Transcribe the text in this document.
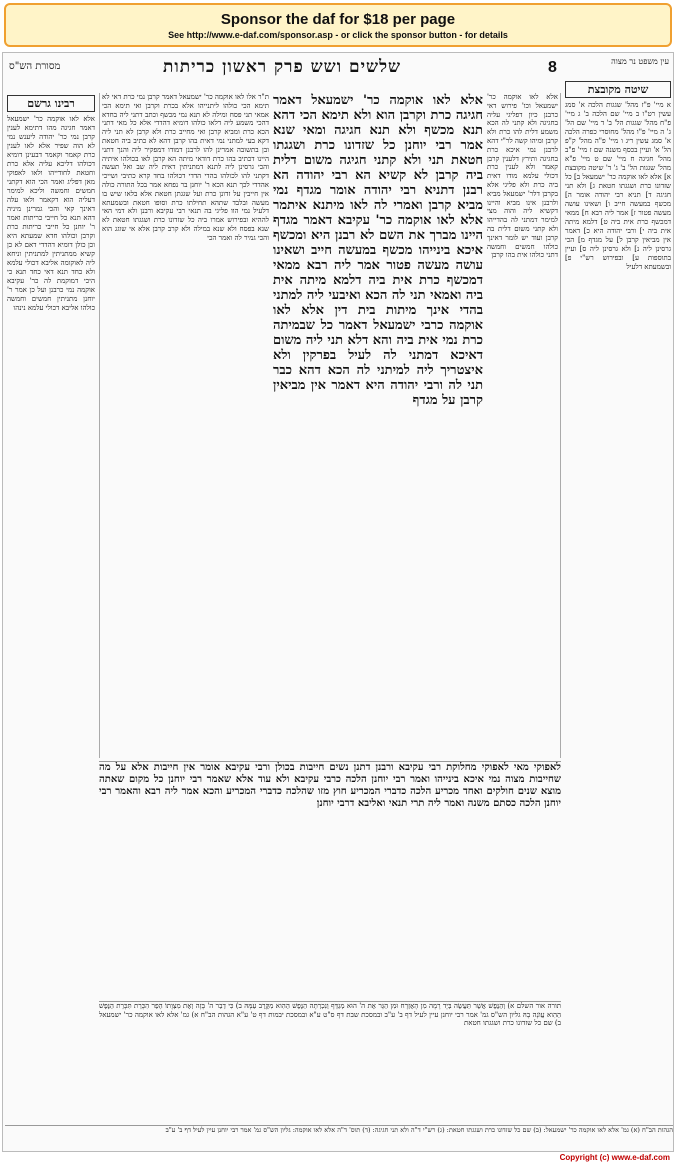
Sponsor the daf for $18 per page
See http://www.e-daf.com/sponsor.asp - or click the sponsor button - for details
מסורת הש"ס	שלשים ושש פרק ראשון כריתות	8	עין משפט נר מצוה
רבינו גרשם
אלא לאו אוקמה כר' ישמעאל דאמר חגיגה מהו דתימא לענין קרבן נמי כר' יהודה ליענש נמי לא הוה שפיר אלא לאו לענין כרת קאמר וקאמר דבעינן דומיא דכולהו דליכא עליה אלא כרת וחטאת לחודייהו ולאו לאפוקי מאן דפליג ואמר הכי הוא דקתני חמשים וחמשה וליכא למימר דעליה הוא דקאמר ולאו עלה דאינך קאי והכי גמרינן מיניה דהא תנא כל חייבי כריתות ואמר ר' יוחנן כל חייבי כריתות כרת וקרבן וכולהו חדא שמעתא היא וכן כולן דומיא דהדדי דאם לא כן קשיא ממתניתין למתניתין וניחא ליה לאוקומה אליבא דכולי עלמא ולא כחד תנא דאי כחד תנא כי היכי דמוקמת לה כר' עקיבא אוקמה נמי כרבנן ועל כן אמר ר' יוחנן מתניתין חמשים וחמשה כולהו אליבא דכולי עלמא נינהו
ת"ר אלו לאו אוקמה כר' ישמעאל דאמר קרבן נמי כרת דאי לא תימא הכי כולהו ליתנייהו אלא בכרת וקרבן ואי תימא הכי אמאי תני פסח ומילה לא תנא נמי מכשף וכתב דתני ליה בחדא דהכי משמע ליה דלאו כולהו דומיא דהדדי אלא כל מאי דתני הכא כרת ומביא קרבן ואי מחייב כרת ולא קרבן לא תני ליה דקא בעי למתני נמי דאית בהו קרבן דהא לא כתיב ביה חטאת ובן בתשובה אמרינן להו לרבנן דמודו דמפקיר ליה והנך דתני היינו דכתיב בהו כרת דודאי מיתה הא קרבן לאו בכולהו איתיה והכי גרסינן ליה לתנא דמתניתין דאית ליה שב ואל תעשה דקתני להו לכולהו בהדי הדדי דכולהו בחד קרא כתיבי ושייכי אהדדי לכך תנא הכא ר' יוחנן בר נפחא אמר בכל התורה כולה אין חייבין על זדונן כרת ועל שגגתן חטאת אלא בלאו שיש בו מעשה ובלבד שתהא תחילתו כרת וסופו חטאת ובשמעתא דלעיל נמי הוו פליגי בה תנאי רבי עקיבא ורבנן ולא דמי האי לההיא ובפירוש אמרו ביה כל שזדונו כרת ושגגתו חטאת לא שנא בפסח ולא שנא במילה ולא קרב קרבן אלא אי שוגג הוא והכי גמיר לה ואמר הכי
אלא לאו אוקמה כר' ישמעאל דאמר חגיגה כרת וקרבן הוא ולא תימא הכי דהא תנא מכשף ולא תנא חגיגה ומאי שנא אמר רבי יוחנן כל שזדונו כרת ושגגתו חטאת תני ולא קתני חגיגה משום דלית ביה קרבן לא קשיא הא רבי יהודה הא רבנן דתניא רבי יהודה אומר מגדף נמי מביא קרבן ואמרי לה לאו מיתנא איתמר אלא לאו אוקמה כר' עקיבא דאמר מגדף היינו מברך את השם לא רבנן היא ומכשף איכא בינייהו מכשף במעשה חייב ושאינו עושה מעשה פטור אמר ליה רבא ממאי דמכשף כרת אית ביה דלמא מיתה אית ביה ואמאי תני לה הכא ואיבעי ליה למתני בהדי אינך מיתות בית דין אלא לאו אוקמה כרבי ישמעאל דאמר כל שבמיתה כרת נמי אית ביה והא דלא תני ליה משום דאיכא דמתני לה לעיל בפרקין ולא איצטריך ליה למיתני לה הכא דהא כבר תני לה ורבי יהודה היא דאמר אין מביאין קרבן על מגדף
אלא לאו אוקמה כר' ישמעאל וכו' פירוש דאי כרבנן כיון דפליגי עליה בחגיגה ולא קתני לה הכא משמע דלית להו כרת ולא קרבן ומיהו קשה לר"י דהא לרבנן נמי איכא כרת בחגיגה ותירץ דלענין קרבן קאמר ולא לענין כרת דכולי עלמא מודו דאית ביה כרת ולא פליגי אלא בקרבן דלר' ישמעאל מביא ולרבנן אינו מביא והיינו דקשיא ליה והוה מצי למימר דמתני לה בהדייהו ולא קתני משום דלית בה קרבן ועוד יש לומר דאינך כולהו חמשים וחמשה דתני כולהו אית בהו קרבן
שיטה מקובצת
א מיי' פ"ז מהל' שגגות הלכה א' סמג עשין רט"ו ב מיי' שם הלכה ב' ג מיי' פ"ח מהל' שגגות הל' ב' ד מיי' שם הל' ג' ה מיי' פ"ו מהל' מחוסרי כפרה הלכה א' סמג עשין ריג ו מיי' פ"ה מהל' ק"פ הל' א' ועיין בכסף משנה שם ז מיי' פ"ב מהל' חגיגה ח מיי' שם ט מיי' פ"א מהל' שגגות הל' ב' ג' ד' שיטה מקובצת א] אלא לאו אוקמה כר' ישמעאל ב] כל שזדונו כרת ושגגתו חטאת ג] ולא תני חגיגה ד] תניא רבי יהודה אומר ה] מכשף במעשה חייב ו] ושאינו עושה מעשה פטור ז] אמר ליה רבא ח] ממאי דמכשף כרת אית ביה ט] דלמא מיתה אית ביה י] ורבי יהודה היא כ] דאמר אין מביאין קרבן ל] על מגדף מ] הכי גרסינן ליה נ] ולא גרסינן ליה ס] ועיין בתוספות ע] ובפירוש רש"י פ] ובשמעתא דלעיל
לאפוקי מאי לאפוקי מחלוקת רבי עקיבא ורבנן דתנן נשים חייבות בכולן ורבי עקיבא אומר אין חייבות אלא על מה שחייבות מצוה נמי איכא בינייהו ואמר רבי יוחנן הלכה כרבי עקיבא ולא עוד אלא שאמר רבי יוחנן כל מקום שאתה מוצא שנים חולקים ואחד מכריע הלכה כדברי המכריע חוץ מזו שהלכה כדברי המכריע והכא אמר ליה רבא והאמר רבי יוחנן הלכה כסתם משנה ואמר ליה תרי תנאי ואליבא דרבי יוחנן
תורה אור השלם א) וְהַנֶּפֶשׁ אֲשֶׁר תַּעֲשֶׂה בְּיָד רָמָה מִן הָאֶזְרָח וּמִן הַגֵּר אֶת ה' הוּא מְגַדֵּף וְנִכְרְתָה הַנֶּפֶשׁ הַהִוא מִקֶּרֶב עַמָּהּ ב) כִּי דְבַר ה' בָּזָה וְאֶת מִצְוָתוֹ הֵפַר הִכָּרֵת תִּכָּרֵת הַנֶּפֶשׁ הַהִוא עֲוֺנָה בָהּ גליון הש"ס גמ' אמר רבי יוחנן עיין לעיל דף ב' ע"ב ובמסכת שבת דף ס"ט ע"א ובמסכת יבמות דף ט' ע"א הגהות הב"ח א) גמ' אלא לאו אוקמה כר' ישמעאל ב) שם כל שזדונו כרת ושגגתו חטאת
הגהות הב"ח (א) גמ' אלא לאו אוקמה כר' ישמעאל: (ב) שם כל שזדונו כרת ושגגתו חטאת: (ג) רש"י ד"ה ולא תני חגיגה: (ד) תוס' ד"ה אלא לאו אוקמה: גליון הש"ס גמ' אמר רבי יוחנן עיין לעיל דף ב' ע"ב
Copyright (c) www.e-daf.com
